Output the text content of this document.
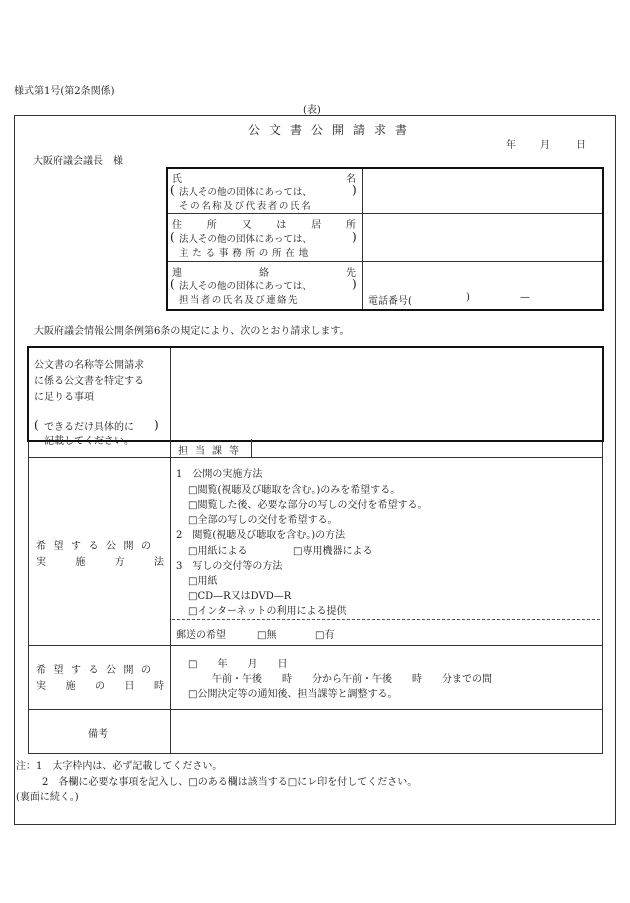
様式第1号(第2条関係)
(表)
公文書公開請求書
年 月	日
大阪府議会議長　様
氏	名
( 法人その他の団体にあっては、
その名称及び代表者の氏名
)
住 所 又 は 居 所
( 法人その他の団体にあっては、
主たる事務所の所在地
)
連	絡	先
( 法人その他の団体にあっては、
担当者の氏名及び連絡先
)
電話番号(	)	—
大阪府議会情報公開条例第6条の規定により、次のとおり請求します。
公文書の名称等公開請求
に係る公文書を特定する
に足りる事項
( できるだけ具体的に
記載してください。
)
担当課等
希望する公開の
実	施	方	法
1　公開の実施方法
□閲覧(視聴及び聴取を含む。)のみを希望する。
□閲覧した後、必要な部分の写しの交付を希望する。
□全部の写しの交付を希望する。
2　閲覧(視聴及び聴取を含む。)の方法
□用紙による	□専用機器による
3　写しの交付等の方法
□用紙
□CD—R又はDVD—R
□インターネットの利用による提供
郵送の希望	□無	□有
希望する公開の
実 施 の 日 時
□　　年　　月　　日
午前・午後　　時　　分から午前・午後　　時　　分までの間
□公開決定等の通知後、担当課等と調整する。
備考
注：1　太字枠内は、必ず記載してください。
2　各欄に必要な事項を記入し、□のある欄は該当する□にレ印を付してください。
(裏面に続く。)
